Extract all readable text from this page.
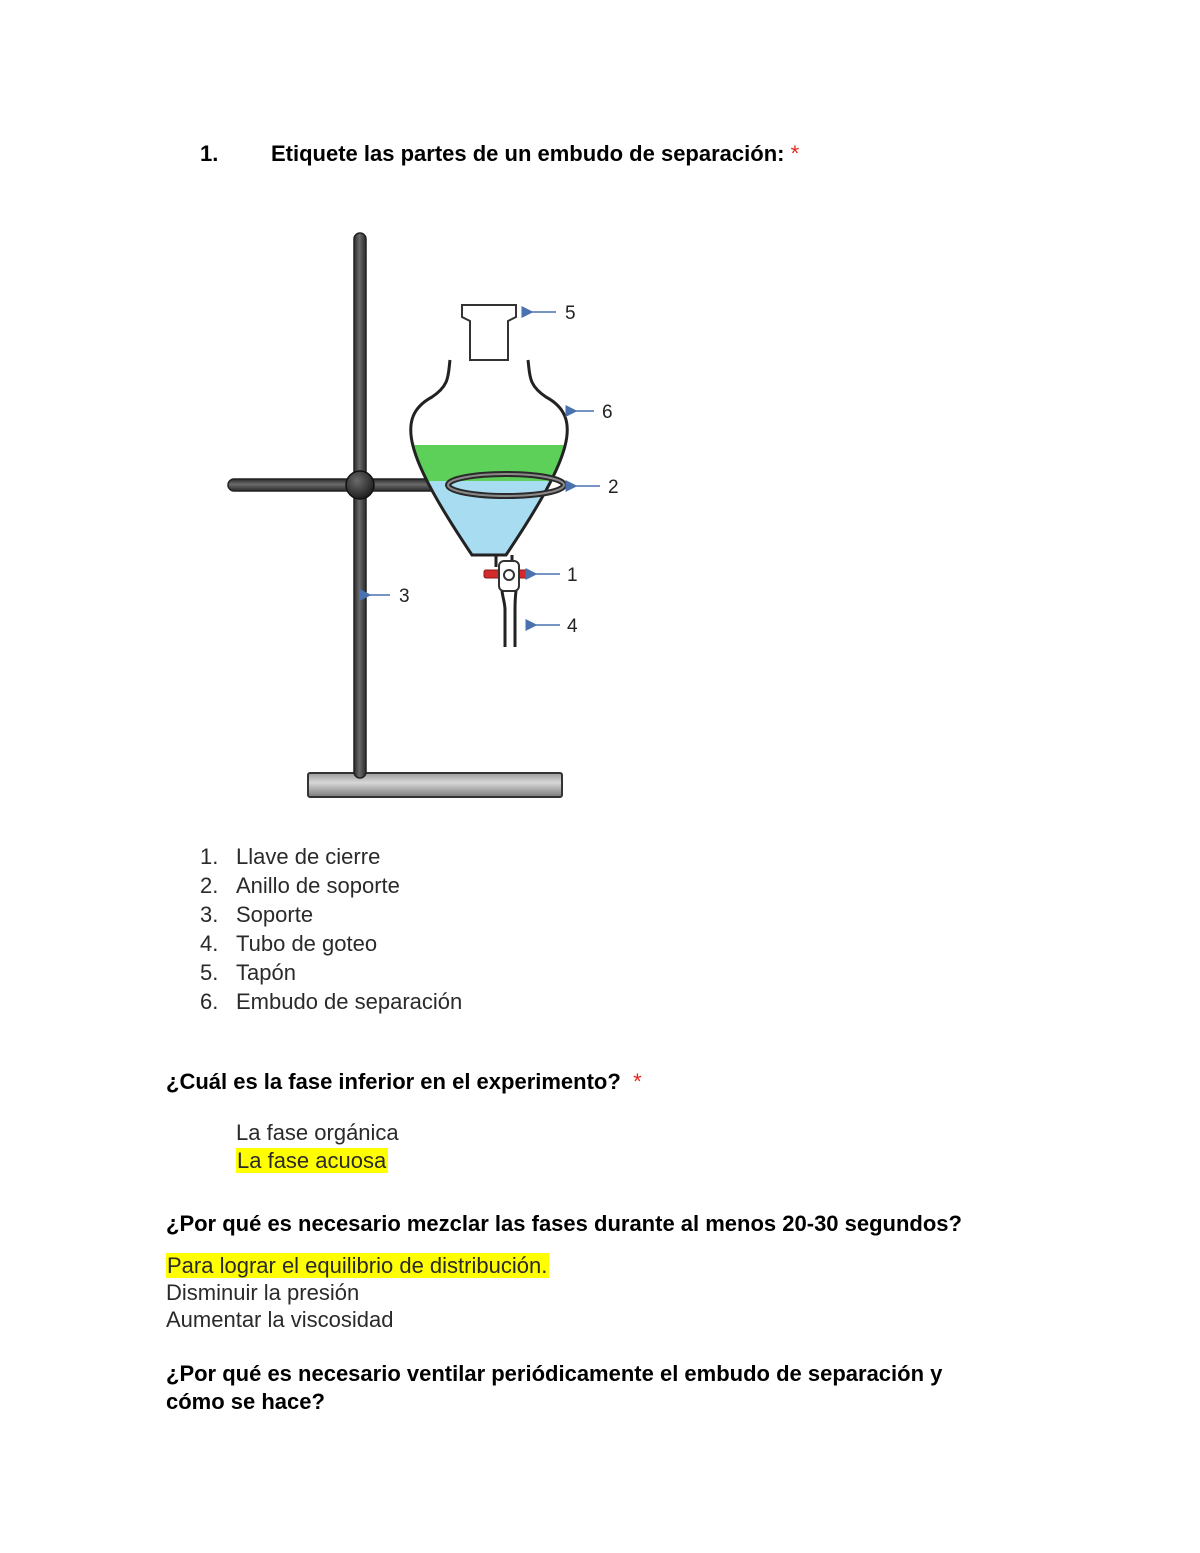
1. Etiquete las partes de un embudo de separación: *
5
6
2
1
3
4
1. Llave de cierre
2. Anillo de soporte
3. Soporte
4. Tubo de goteo
5. Tapón
6. Embudo de separación
¿Cuál es la fase inferior en el experimento? *
La fase orgánica
La fase acuosa
¿Por qué es necesario mezclar las fases durante al menos 20-30 segundos?
Para lograr el equilibrio de distribución.
Disminuir la presión
Aumentar la viscosidad
¿Por qué es necesario ventilar periódicamente el embudo de separación y
cómo se hace?
